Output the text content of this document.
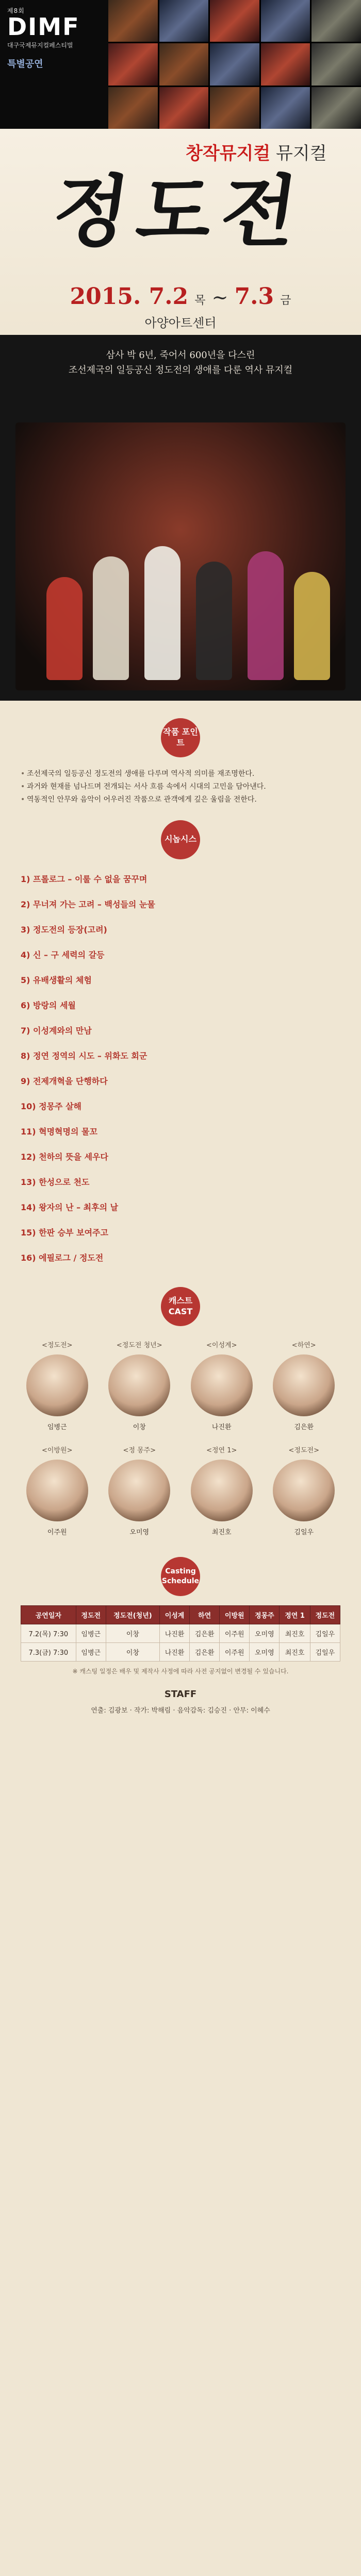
제8회
DIMF
대구국제뮤지컬페스티벌
특별공연
창작뮤지컬 뮤지컬
정도전
2015. 7.2 목 ~ 7.3 금
아양아트센터
삼사 박 6년, 죽어서 600년을 다스린
조선제국의 일등공신 정도전의 생애를 다룬 역사 뮤지컬
작품 포인트
• 조선제국의 일등공신 정도전의 생애를 다루며 역사적 의미를 재조명한다.
• 과거와 현재를 넘나드며 전개되는 서사 흐름 속에서 시대의 고민을 담아낸다.
• 역동적인 안무와 음악이 어우러진 작품으로 관객에게 깊은 울림을 전한다.
시놉시스
1) 프롤로그 – 이룰 수 없을 꿈꾸며
2) 무너져 가는 고려 – 백성들의 눈물
3) 정도전의 등장(고려)
4) 신 – 구 세력의 갈등
5) 유배생활의 체험
6) 방랑의 세월
7) 이성계와의 만남
8) 정연 정역의 시도 – 위화도 회군
9) 전제개혁을 단행하다
10) 정몽주 살해
11) 혁명혁명의 물꼬
12) 천하의 뜻을 세우다
13) 한성으로 천도
14) 왕자의 난 – 최후의 날
15) 한판 승부 보여주고
16) 에필로그 / 정도전
캐스트 CAST
<정도전>
임병근
<정도전 청년>
이창
<이성계>
나진환
<하연>
김은환
<이방원>
이주원
<정 몽주>
오미영
<정연 1>
최진호
<정도전>
김일우
Casting Schedule
공연일자	정도전	정도전(청년)	이성계	하연	이방원	정몽주	정연 1	정도전
7.2(목) 7:30	임병근	이창	나진환	김은환	이주원	오미영	최진호	김일우
7.3(금) 7:30	임병근	이창	나진환	김은환	이주원	오미영	최진호	김일우
※ 캐스팅 일정은 배우 및 제작사 사정에 따라 사전 공지없이 변경될 수 있습니다.
STAFF
연출: 김광보 · 작가: 박해림 · 음악감독: 김승진 · 안무: 이혜수
